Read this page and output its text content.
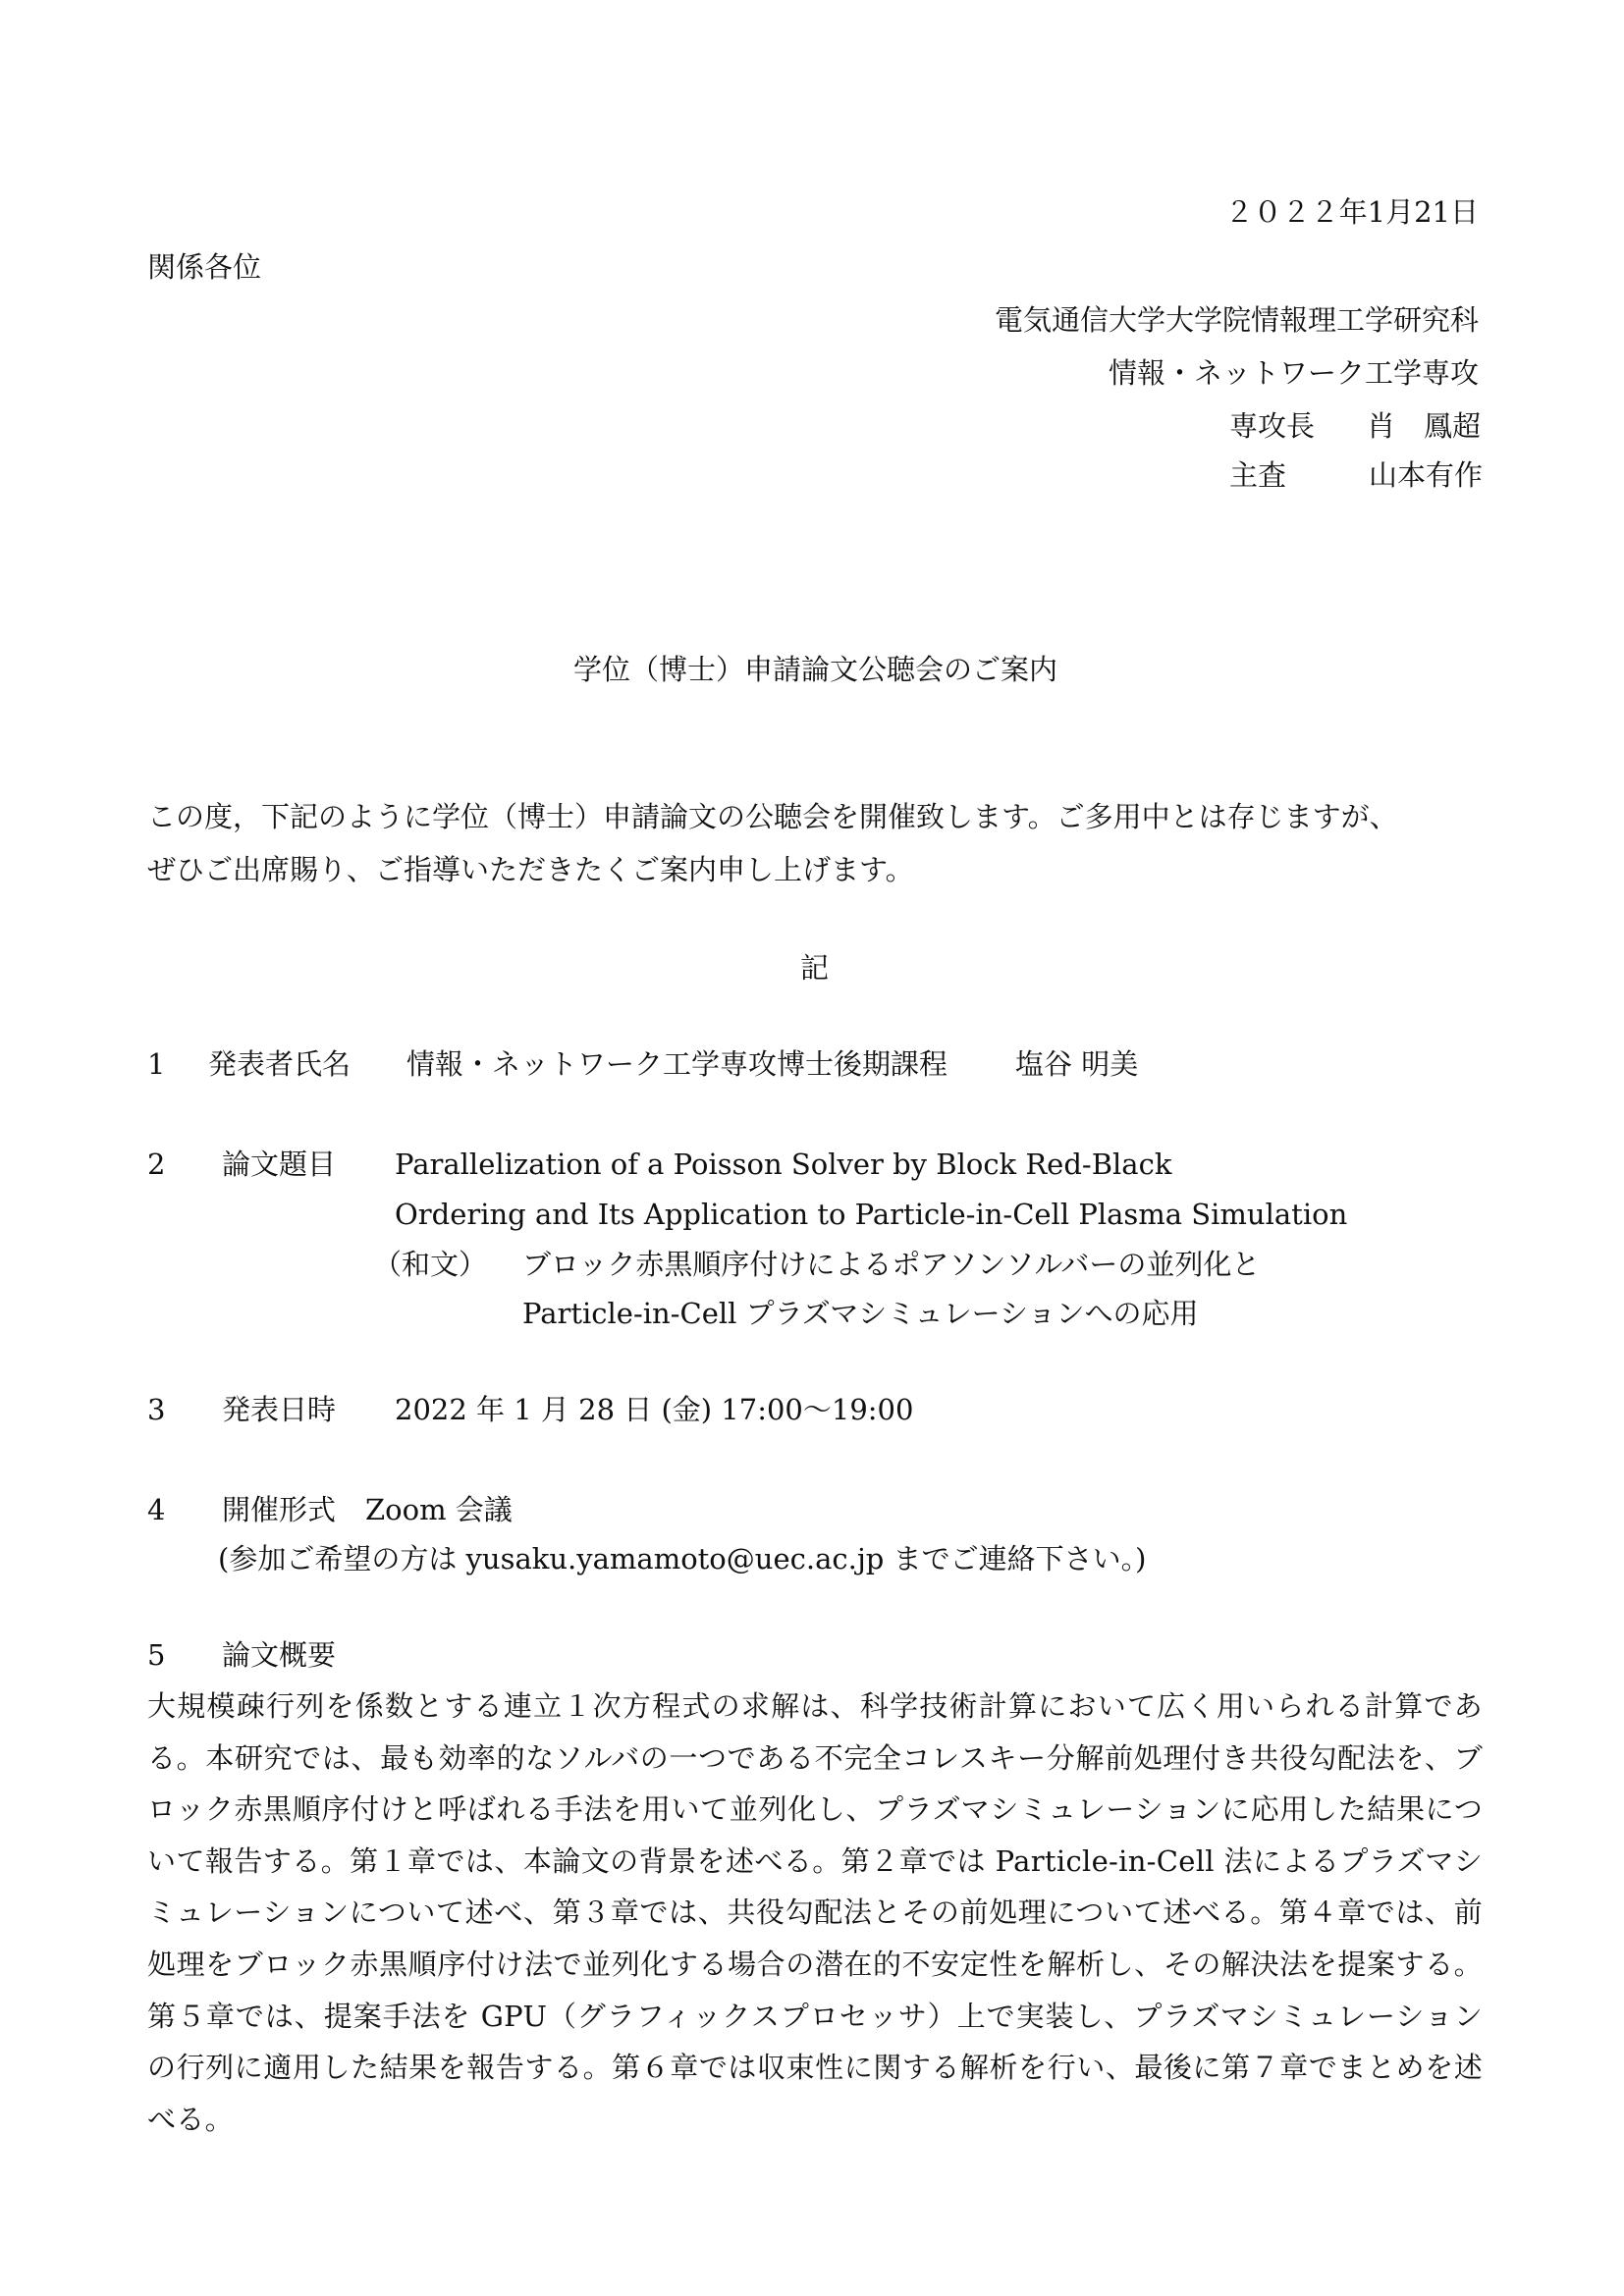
２０２２年1月21日
関係各位
電気通信大学大学院情報理工学研究科
情報・ネットワーク工学専攻
専攻長 肖　鳳超
主査	山本有作
学位（博士）申請論文公聴会のご案内
この度，下記のように学位（博士）申請論文の公聴会を開催致します。ご多用中とは存じますが、
ぜひご出席賜り、ご指導いただきたくご案内申し上げます。
記
1 発表者氏名 情報・ネットワーク工学専攻博士後期課程 塩谷 明美
2 論文題目 Parallelization of a Poisson Solver by Block Red-Black
Ordering and Its Application to Particle-in-Cell Plasma Simulation
（和文） ブロック赤黒順序付けによるポアソンソルバーの並列化と
Particle-in-Cell プラズマシミュレーションへの応用
3 発表日時 2022 年 1 月 28 日 (金) 17:00～19:00
4 開催形式 Zoom 会議
(参加ご希望の方は yusaku.yamamoto@uec.ac.jp までご連絡下さい。)
5 論文概要

大規模疎行列を係数とする連立１次方程式の求解は、科学技術計算において広く用いられる計算である。本研究では、最も効率的なソルバの一つである不完全コレスキー分解前処理付き共役勾配法を、ブロック赤黒順序付けと呼ばれる手法を用いて並列化し、プラズマシミュレーションに応用した結果について報告する。第１章では、本論文の背景を述べる。第２章では Particle-in-Cell 法によるプラズマシミュレーションについて述べ、第３章では、共役勾配法とその前処理について述べる。第４章では、前処理をブロック赤黒順序付け法で並列化する場合の潜在的不安定性を解析し、その解決法を提案する。第５章では、提案手法を GPU（グラフィックスプロセッサ）上で実装し、プラズマシミュレーションの行列に適用した結果を報告する。第６章では収束性に関する解析を行い、最後に第７章でまとめを述べる。
